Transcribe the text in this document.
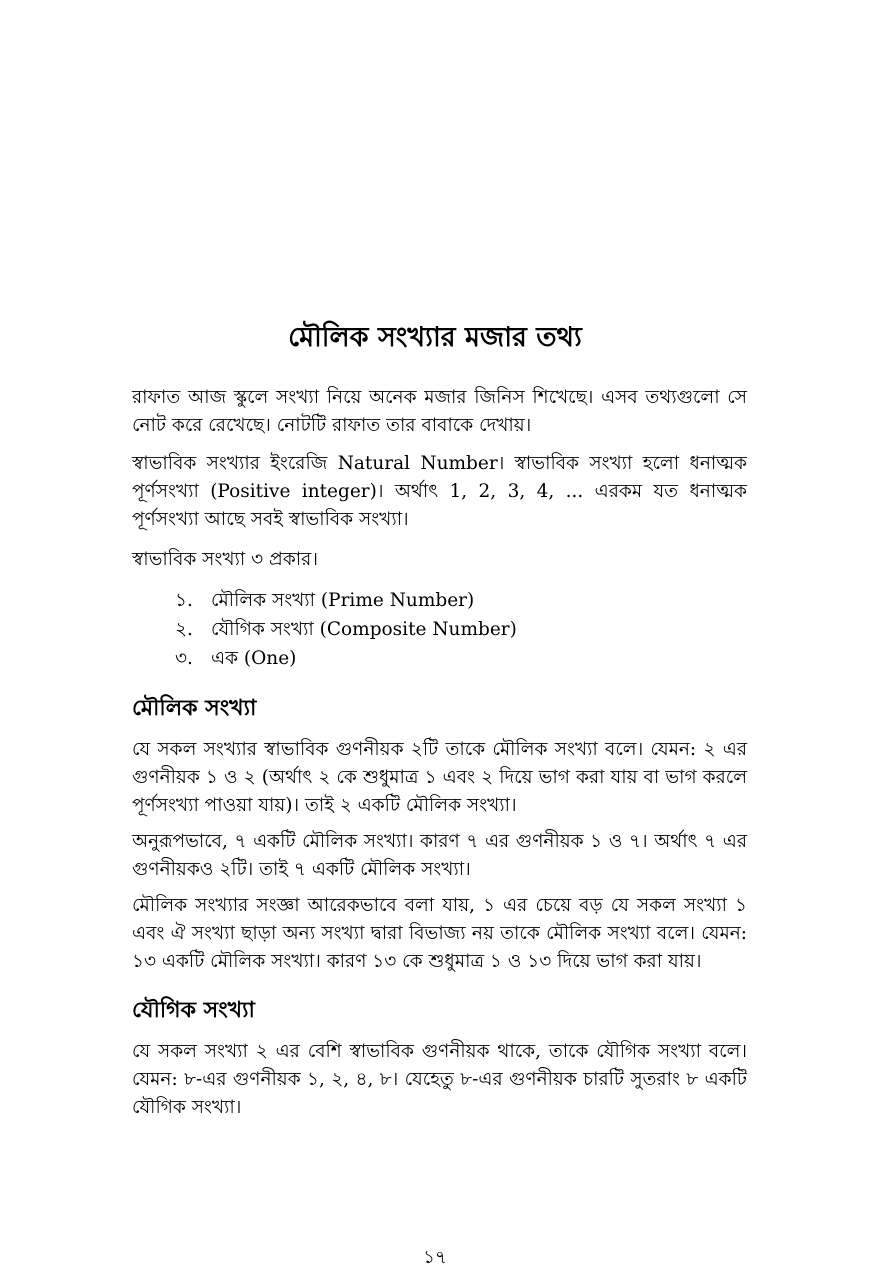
মৌলিক সংখ্যার মজার তথ্য
রাফাত আজ স্কুলে সংখ্যা নিয়ে অনেক মজার জিনিস শিখেছে। এসব তথ্যগুলো সে নোট করে রেখেছে। নোটটি রাফাত তার বাবাকে দেখায়।
স্বাভাবিক সংখ্যার ইংরেজি Natural Number। স্বাভাবিক সংখ্যা হলো ধনাত্মক পূর্ণসংখ্যা (Positive integer)। অর্থাৎ 1, 2, 3, 4, ... এরকম যত ধনাত্মক পূর্ণসংখ্যা আছে সবই স্বাভাবিক সংখ্যা।
স্বাভাবিক সংখ্যা ৩ প্রকার।
১. মৌলিক সংখ্যা (Prime Number)
২. যৌগিক সংখ্যা (Composite Number)
৩. এক (One)
মৌলিক সংখ্যা
যে সকল সংখ্যার স্বাভাবিক গুণনীয়ক ২টি তাকে মৌলিক সংখ্যা বলে। যেমন: ২ এর গুণনীয়ক ১ ও ২ (অর্থাৎ ২ কে শুধুমাত্র ১ এবং ২ দিয়ে ভাগ করা যায় বা ভাগ করলে পূর্ণসংখ্যা পাওয়া যায়)। তাই ২ একটি মৌলিক সংখ্যা।
অনুরূপভাবে, ৭ একটি মৌলিক সংখ্যা। কারণ ৭ এর গুণনীয়ক ১ ও ৭। অর্থাৎ ৭ এর গুণনীয়কও ২টি। তাই ৭ একটি মৌলিক সংখ্যা।
মৌলিক সংখ্যার সংজ্ঞা আরেকভাবে বলা যায়, ১ এর চেয়ে বড় যে সকল সংখ্যা ১ এবং ঐ সংখ্যা ছাড়া অন্য সংখ্যা দ্বারা বিভাজ্য নয় তাকে মৌলিক সংখ্যা বলে। যেমন: ১৩ একটি মৌলিক সংখ্যা। কারণ ১৩ কে শুধুমাত্র ১ ও ১৩ দিয়ে ভাগ করা যায়।
যৌগিক সংখ্যা
যে সকল সংখ্যা ২ এর বেশি স্বাভাবিক গুণনীয়ক থাকে, তাকে যৌগিক সংখ্যা বলে। যেমন: ৮-এর গুণনীয়ক ১, ২, ৪, ৮। যেহেতু ৮-এর গুণনীয়ক চারটি সুতরাং ৮ একটি যৌগিক সংখ্যা।
১৭
